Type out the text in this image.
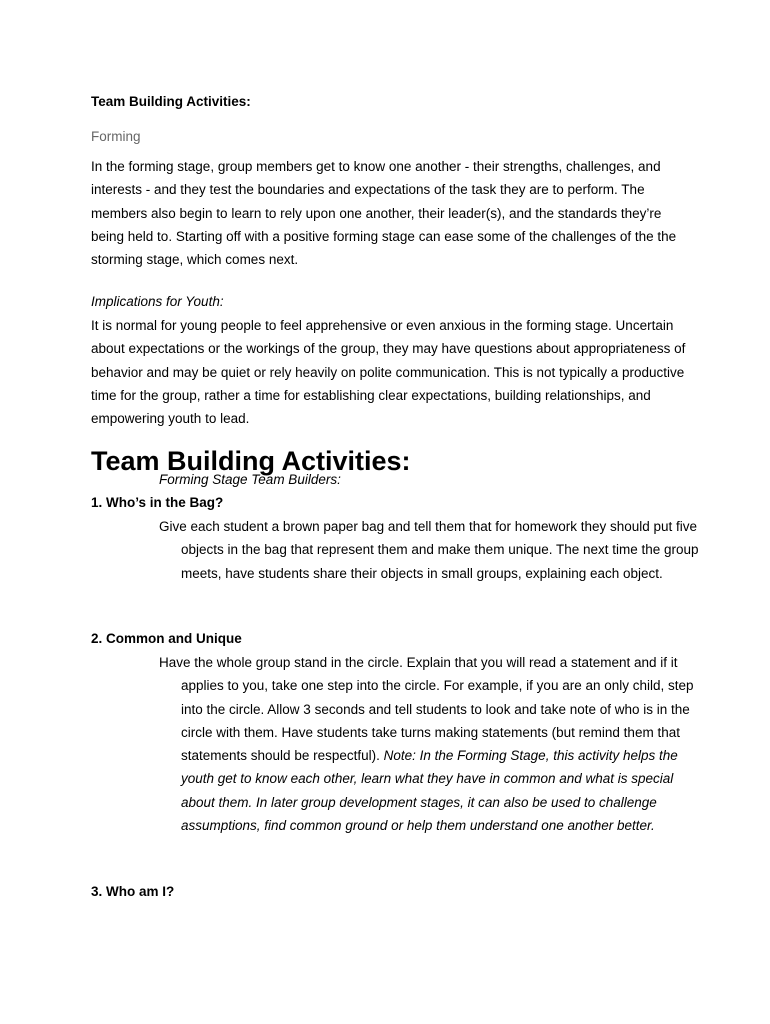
Team Building Activities:
Forming

In the forming stage, group members get to know one another - their strengths, challenges, and interests - and they test the boundaries and expectations of the task they are to perform. The members also begin to learn to rely upon one another, their leader(s), and the standards they’re being held to. Starting off with a positive forming stage can ease some of the challenges of the the storming stage, which comes next.

Implications for Youth:

It is normal for young people to feel apprehensive or even anxious in the forming stage. Uncertain about expectations or the workings of the group, they may have questions about appropriateness of behavior and may be quiet or rely heavily on polite communication. This is not typically a productive time for the group, rather a time for establishing clear expectations, building relationships, and empowering youth to lead.

Team Building Activities:

Forming Stage Team Builders:

1. Who’s in the Bag?

Give each student a brown paper bag and tell them that for homework they should put five objects in the bag that represent them and make them unique. The next time the group meets, have students share their objects in small groups, explaining each object.

2. Common and Unique

Have the whole group stand in the circle. Explain that you will read a statement and if it applies to you, take one step into the circle. For example, if you are an only child, step into the circle. Allow 3 seconds and tell students to look and take note of who is in the circle with them. Have students take turns making statements (but remind them that statements should be respectful). Note: In the Forming Stage, this activity helps the youth get to know each other, learn what they have in common and what is special about them. In later group development stages, it can also be used to challenge assumptions, find common ground or help them understand one another better.

3. Who am I?
